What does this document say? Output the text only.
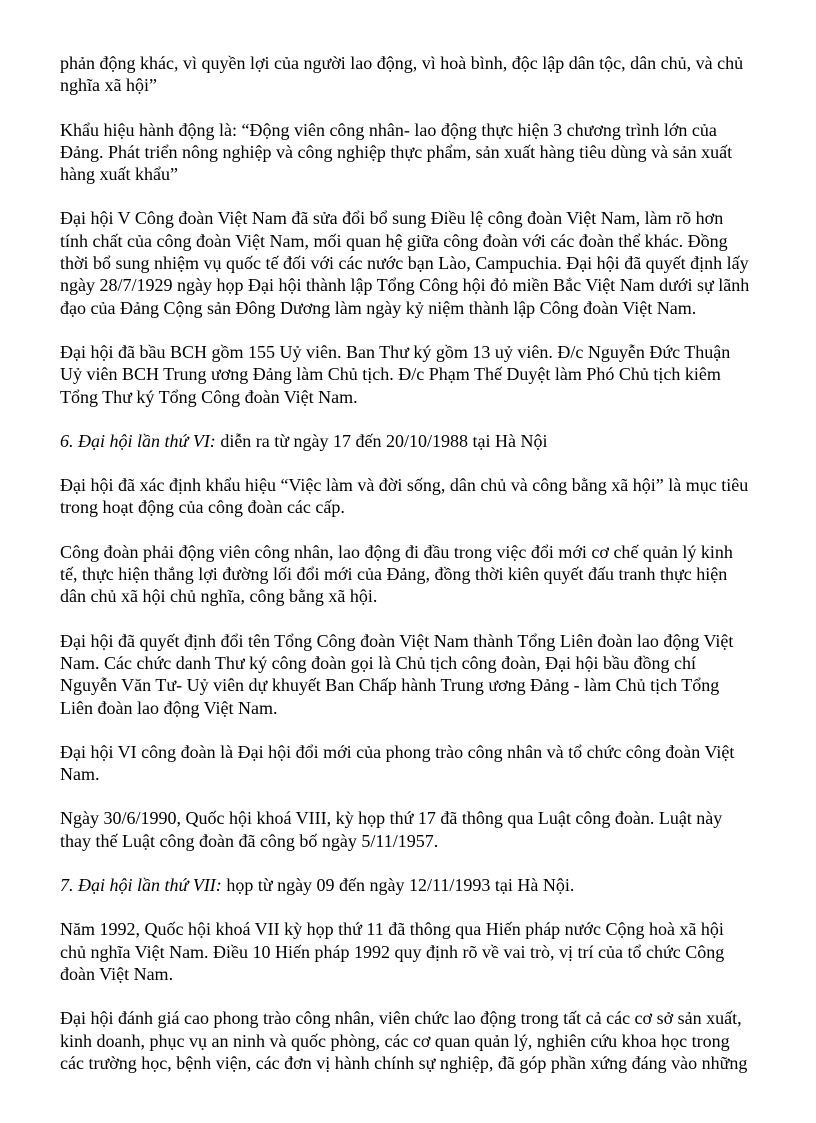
phản động khác, vì quyền lợi của người lao động, vì hoà bình, độc lập dân tộc, dân chủ, và chủ
nghĩa xã hội”

Khẩu hiệu hành động là: “Động viên công nhân- lao động thực hiện 3 chương trình lớn của
Đảng. Phát triển nông nghiệp và công nghiệp thực phẩm, sản xuất hàng tiêu dùng và sản xuất
hàng xuất khẩu”

Đại hội V Công đoàn Việt Nam đã sửa đổi bổ sung Điều lệ công đoàn Việt Nam, làm rõ hơn
tính chất của công đoàn Việt Nam, mối quan hệ giữa công đoàn với các đoàn thể khác. Đồng
thời bổ sung nhiệm vụ quốc tế đối với các nước bạn Lào, Campuchia. Đại hội đã quyết định lấy
ngày 28/7/1929 ngày họp Đại hội thành lập Tổng Công hội đỏ miền Bắc Việt Nam dưới sự lãnh
đạo của Đảng Cộng sản Đông Dương làm ngày kỷ niệm thành lập Công đoàn Việt Nam.

Đại hội đã bầu BCH gồm 155 Uỷ viên. Ban Thư ký gồm 13 uỷ viên. Đ/c Nguyễn Đức Thuận
Uỷ viên BCH Trung ương Đảng làm Chủ tịch. Đ/c Phạm Thế Duyệt làm Phó Chủ tịch kiêm
Tổng Thư ký Tổng Công đoàn Việt Nam.

6. Đại hội lần thứ VI: diễn ra từ ngày 17 đến 20/10/1988 tại Hà Nội

Đại hội đã xác định khẩu hiệu “Việc làm và đời sống, dân chủ và công bằng xã hội” là mục tiêu
trong hoạt động của công đoàn các cấp.

Công đoàn phải động viên công nhân, lao động đi đầu trong việc đổi mới cơ chế quản lý kinh
tế, thực hiện thắng lợi đường lối đổi mới của Đảng, đồng thời kiên quyết đấu tranh thực hiện
dân chủ xã hội chủ nghĩa, công bằng xã hội.

Đại hội đã quyết định đổi tên Tổng Công đoàn Việt Nam thành Tổng Liên đoàn lao động Việt
Nam. Các chức danh Thư ký công đoàn gọi là Chủ tịch công đoàn, Đại hội bầu đồng chí
Nguyễn Văn Tư- Uỷ viên dự khuyết Ban Chấp hành Trung ương Đảng - làm Chủ tịch Tổng
Liên đoàn lao động Việt Nam.

Đại hội VI công đoàn là Đại hội đổi mới của phong trào công nhân và tổ chức công đoàn Việt
Nam.

Ngày 30/6/1990, Quốc hội khoá VIII, kỳ họp thứ 17 đã thông qua Luật công đoàn. Luật này
thay thế Luật công đoàn đã công bố ngày 5/11/1957.

7. Đại hội lần thứ VII: họp từ ngày 09 đến ngày 12/11/1993 tại Hà Nội.

Năm 1992, Quốc hội khoá VII kỳ họp thứ 11 đã thông qua Hiến pháp nước Cộng hoà xã hội
chủ nghĩa Việt Nam. Điều 10 Hiến pháp 1992 quy định rõ về vai trò, vị trí của tổ chức Công
đoàn Việt Nam.

Đại hội đánh giá cao phong trào công nhân, viên chức lao động trong tất cả các cơ sở sản xuất,
kinh doanh, phục vụ an ninh và quốc phòng, các cơ quan quản lý, nghiên cứu khoa học trong
các trường học, bệnh viện, các đơn vị hành chính sự nghiệp, đã góp phần xứng đáng vào những
